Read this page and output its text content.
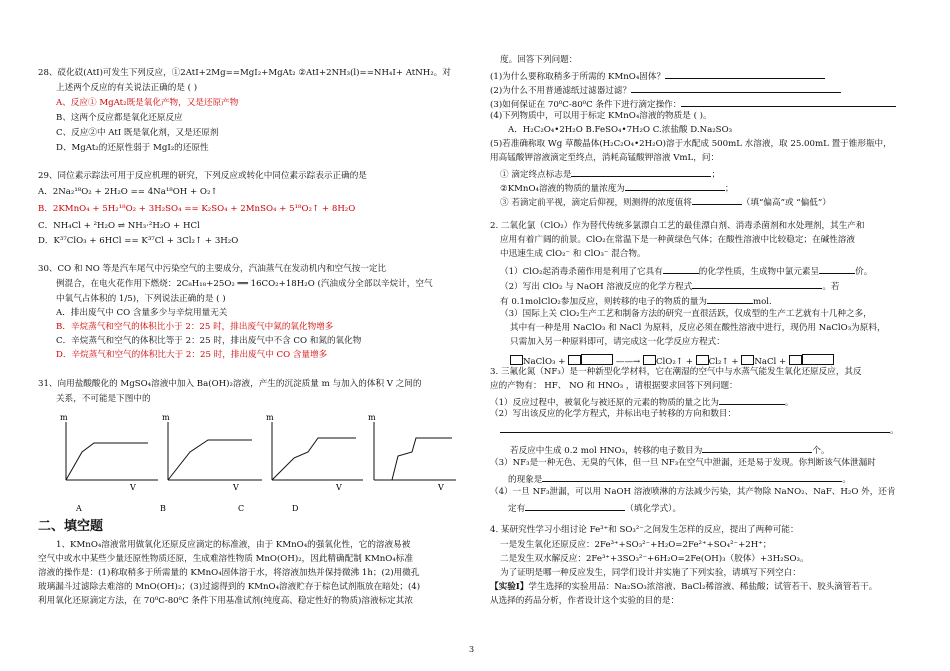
28、砹化砹(AtI)可发生下列反应，①2AtI+2Mg==MgI₂+MgAt₂ ②AtI+2NH₃(l)==NH₄I+ AtNH₂。对
上述两个反应的有关说法正确的是 ( )
A、反应① MgAt₂既是氧化产物，又是还原产物
B、这两个反应都是氧化还原反应
C、反应②中 AtI 既是氧化剂，又是还原剂
D、MgAt₂的还原性弱于 MgI₂的还原性
29、同位素示踪法可用于反应机理的研究，下列反应或转化中同位素示踪表示正确的是
A．2Na₂¹⁸O₂ + 2H₂O == 4Na¹⁸OH + O₂↑
B．2KMnO₄ + 5H₂¹⁸O₂ + 3H₂SO₄ == K₂SO₄ + 2MnSO₄ + 5¹⁸O₂↑ + 8H₂O
C．NH₄Cl + ²H₂O ⇌ NH₃·²H₂O + HCl
D．K³⁷ClO₃ + 6HCl == K³⁷Cl + 3Cl₂↑ + 3H₂O
30、CO 和 NO 等是汽车尾气中污染空气的主要成分，汽油蒸气在发动机内和空气按一定比
例混合，在电火花作用下燃烧：2C₈H₁₈+25O₂ ══ 16CO₂+18H₂O (汽油成分全部以辛烷计，空气
中氧气占体积的 1/5)，下列说法正确的是 ( )
A．排出废气中 CO 含量多少与辛烷用量无关
B．辛烷蒸气和空气的体积比小于 2：25 时，排出废气中氮的氧化物增多
C．辛烷蒸气和空气的体积比等于 2：25 时，排出废气中不含 CO 和氮的氧化物
D．辛烷蒸气和空气的体积比大于 2：25 时，排出废气中 CO 含量增多
31、向用盐酸酸化的 MgSO₄溶液中加入 Ba(OH)₂溶液，产生的沉淀质量 m 与加入的体积 V 之间的
关系，不可能是下图中的
m
V
A
m
V
B
m
V
C
m
V
D
二、填空题
1、KMnO₄溶液常用做氧化还原反应滴定的标准液，由于 KMnO₄的强氧化性，它的溶液易被
空气中或水中某些少量还原性物质还原，生成难溶性物质 MnO(OH)₂，因此精确配制 KMnO₄标准
溶液的操作是：(1)称取稍多于所需量的 KMnO₄固体溶于水，将溶液加热并保持微沸 1h；(2)用微孔
玻璃漏斗过滤除去难溶的 MnO(OH)₂；(3)过滤得到的 KMnO₄溶液贮存于棕色试剂瓶放在暗处；(4)
利用氧化还原滴定方法，在 70⁰C-80⁰C 条件下用基准试剂(纯度高、稳定性好的物质)溶液标定其浓
度。回答下列问题：
(1)为什么要称取稍多于所需的 KMnO₄固体？
(2)为什么不用普通滤纸过滤器过滤？
(3)如何保证在 70⁰C-80⁰C 条件下进行滴定操作：
(4)下列物质中，可以用于标定 KMnO₄溶液的物质是 ( )。
A．H₂C₂O₄•2H₂O B.FeSO₄•7H₂O C.浓盐酸 D.Na₂SO₃
(5)若准确称取 Wg 草酸晶体(H₂C₂O₄•2H₂O)溶于水配成 500mL 水溶液，取 25.00mL 置于锥形瓶中，
用高锰酸钾溶液滴定至终点，消耗高锰酸钾溶液 VmL，问：
① 滴定终点标志是	；
②KMnO₄溶液的物质的量浓度为	；
③ 若滴定前平视，滴定后仰视，则测得的浓度值将	（填“偏高”或 “偏低”）
2. 二氧化氯（ClO₂）作为替代传统多氯漂白工艺的最佳漂白剂、消毒杀菌剂和水处理剂，其生产和
应用有着广阔的前景。ClO₂在常温下是一种黄绿色气体；在酸性溶液中比较稳定；在碱性溶液
中迅速生成 ClO₂⁻ 和 ClO₃⁻ 混合物。
（1）ClO₂起消毒杀菌作用是利用了它具有	的化学性质，生成物中氯元素呈	价。
（2）写出 ClO₂ 与 NaOH 溶液反应的化学方程式	。若
有 0.1molClO₂参加反应，则转移的电子的物质的量为	mol.
（3）国际上关 ClO₂生产工艺和制备方法的研究一直很活跃，仅成型的生产工艺就有十几种之多，
其中有一种是用 NaClO₃ 和 NaCl 为原料，反应必须在酸性溶液中进行，现仍用 NaClO₃为原料，
只需加入另一种原料即可，请完成这一化学反应方程式：
NaClO₃ +	——→ ClO₂↑ + Cl₂↑ + NaCl +
3. 三氟化氮（NF₃）是一种新型化学材料，它在潮湿的空气中与水蒸气能发生氧化还原反应，其反
应的产物有： HF、 NO 和 HNO₃ ，请根据要求回答下列问题：
（1）反应过程中，被氧化与被还原的元素的物质的量之比为	。
（2）写出该反应的化学方程式，并标出电子转移的方向和数目：
。
若反应中生成 0.2 mol HNO₃，转移的电子数目为	个。
（3）NF₃是一种无色、无臭的气体，但一旦 NF₃在空气中泄漏，还是易于发现。你判断该气体泄漏时
的现象是	。
（4）一旦 NF₃泄漏，可以用 NaOH 溶液喷淋的方法减少污染，其产物除 NaNO₂、NaF、H₂O 外，还肯
定有	（填化学式）。
4. 某研究性学习小组讨论 Fe³⁺和 SO₃²⁻之间发生怎样的反应，提出了两种可能：
一是发生氧化还原反应：2Fe³⁺+SO₃²⁻+H₂O=2Fe²⁺+SO₄²⁻+2H⁺；
二是发生双水解反应：2Fe³⁺+3SO₃²⁻+6H₂O=2Fe(OH)₃（胶体）+3H₂SO₃。
为了证明是哪一种反应发生，同学们设计并实施了下列实验，请填写下列空白：
【实验Ⅰ】学生选择的实验用品：Na₂SO₃浓溶液、BaCl₂稀溶液、稀盐酸；试管若干、胶头滴管若干。
从选择的药品分析，作者设计这个实验的目的是：
3
